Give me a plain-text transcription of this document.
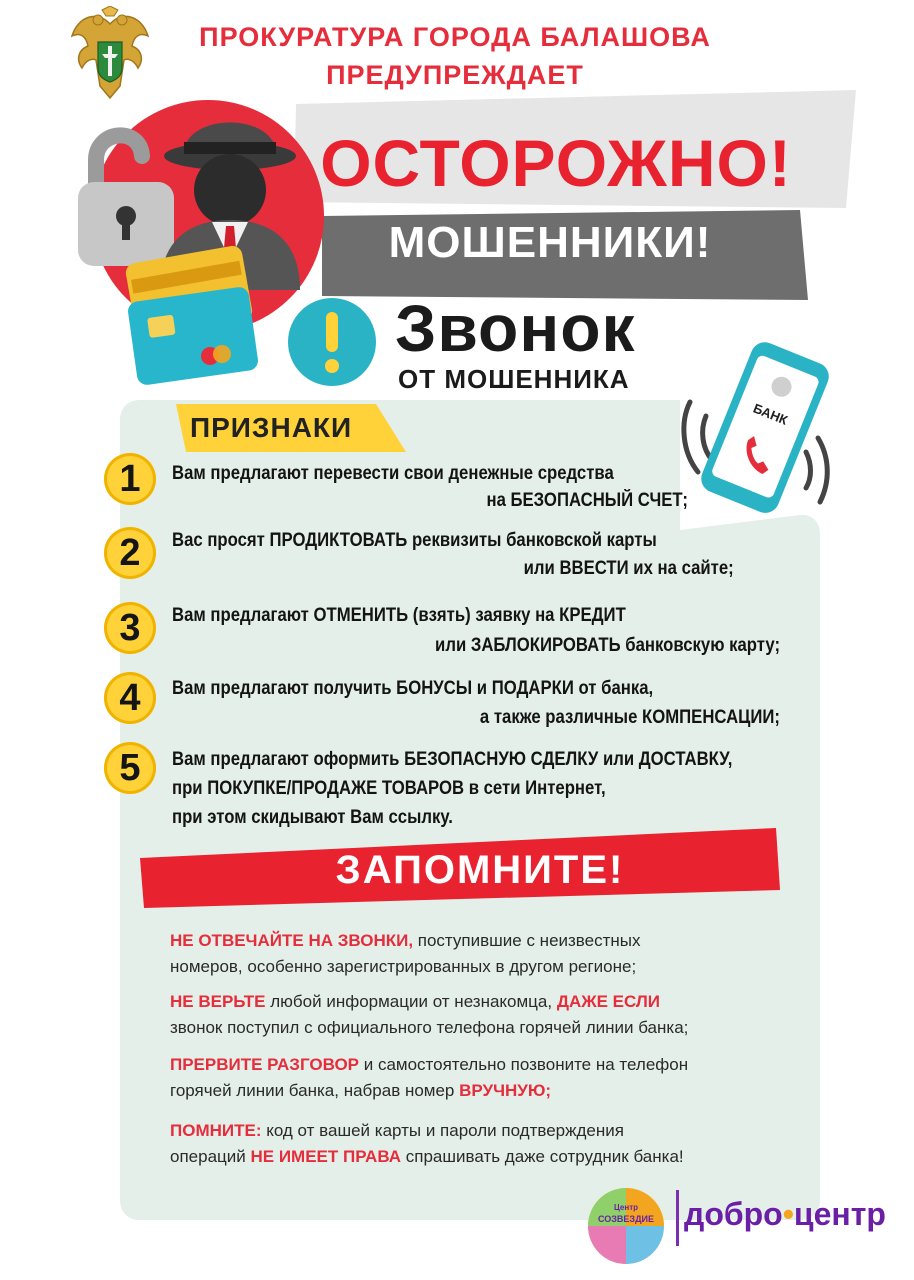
ПРОКУРАТУРА ГОРОДА БАЛАШОВА
ПРЕДУПРЕЖДАЕТ
ОСТОРОЖНО!
МОШЕННИКИ!
Звонок
ОТ МОШЕННИКА
БАНК
ПРИЗНАКИ
1	Вам предлагают перевести свои денежные средства
на БЕЗОПАСНЫЙ СЧЕТ;
2	Вас просят ПРОДИКТОВАТЬ реквизиты банковской карты
или ВВЕСТИ их на сайте;
3	Вам предлагают ОТМЕНИТЬ (взять) заявку на КРЕДИТ
или ЗАБЛОКИРОВАТЬ банковскую карту;
4	Вам предлагают получить БОНУСЫ и ПОДАРКИ от банка,
а также различные КОМПЕНСАЦИИ;
5	Вам предлагают оформить БЕЗОПАСНУЮ СДЕЛКУ или ДОСТАВКУ,
при ПОКУПКЕ/ПРОДАЖЕ ТОВАРОВ в сети Интернет,
при этом скидывают Вам ссылку.
ЗАПОМНИТЕ!
НЕ ОТВЕЧАЙТЕ НА ЗВОНКИ, поступившие с неизвестных
номеров, особенно зарегистрированных в другом регионе;
НЕ ВЕРЬТЕ любой информации от незнакомца, ДАЖЕ ЕСЛИ
звонок поступил с официального телефона горячей линии банка;
ПРЕРВИТЕ РАЗГОВОР и самостоятельно позвоните на телефон
горячей линии банка, набрав номер ВРУЧНУЮ;
ПОМНИТЕ: код от вашей карты и пароли подтверждения
операций НЕ ИМЕЕТ ПРАВА спрашивать даже сотрудник банка!
Центр
СОЗВЕЗДИЕ добро•центр
